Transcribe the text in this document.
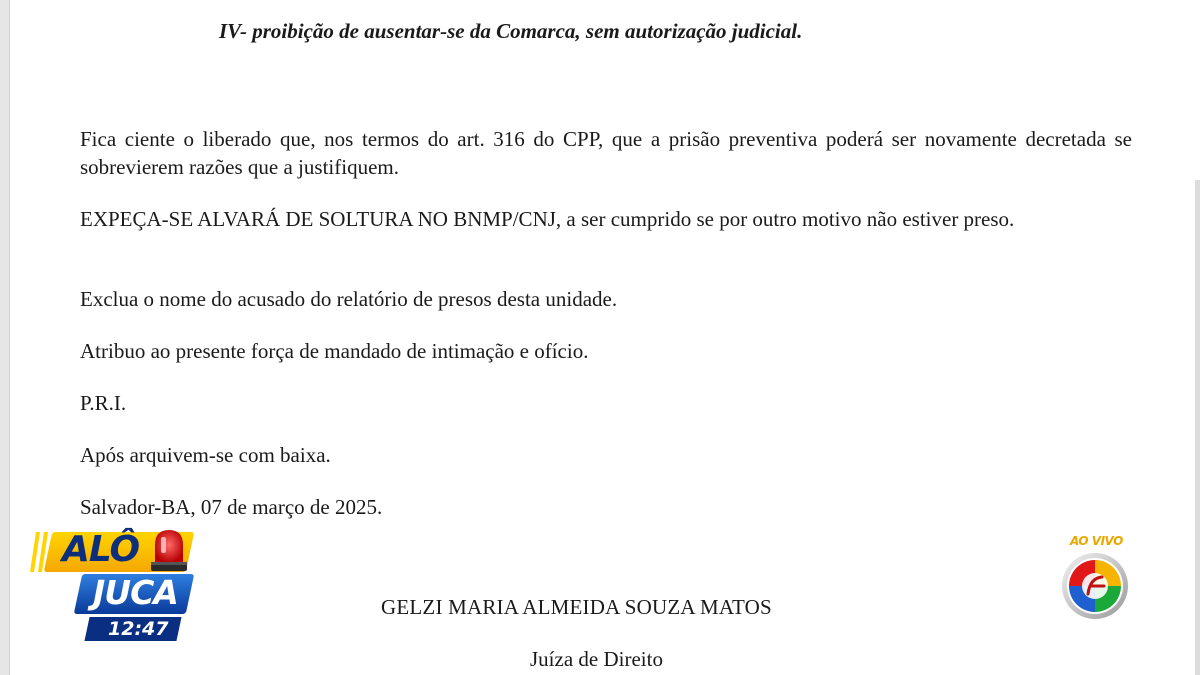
IV- proibição de ausentar-se da Comarca, sem autorização judicial.
Fica ciente o liberado que, nos termos do art. 316 do CPP, que a prisão preventiva poderá ser novamente decretada se sobrevierem razões que a justifiquem.
EXPEÇA-SE ALVARÁ DE SOLTURA NO BNMP/CNJ, a ser cumprido se por outro motivo não estiver preso.
Exclua o nome do acusado do relatório de presos desta unidade.
Atribuo ao presente força de mandado de intimação e ofício.
P.R.I.
Após arquivem-se com baixa.
Salvador-BA, 07 de março de 2025.
GELZI MARIA ALMEIDA SOUZA MATOS
Juíza de Direito
ALÔ
JUCA
12:47
AO VIVO
